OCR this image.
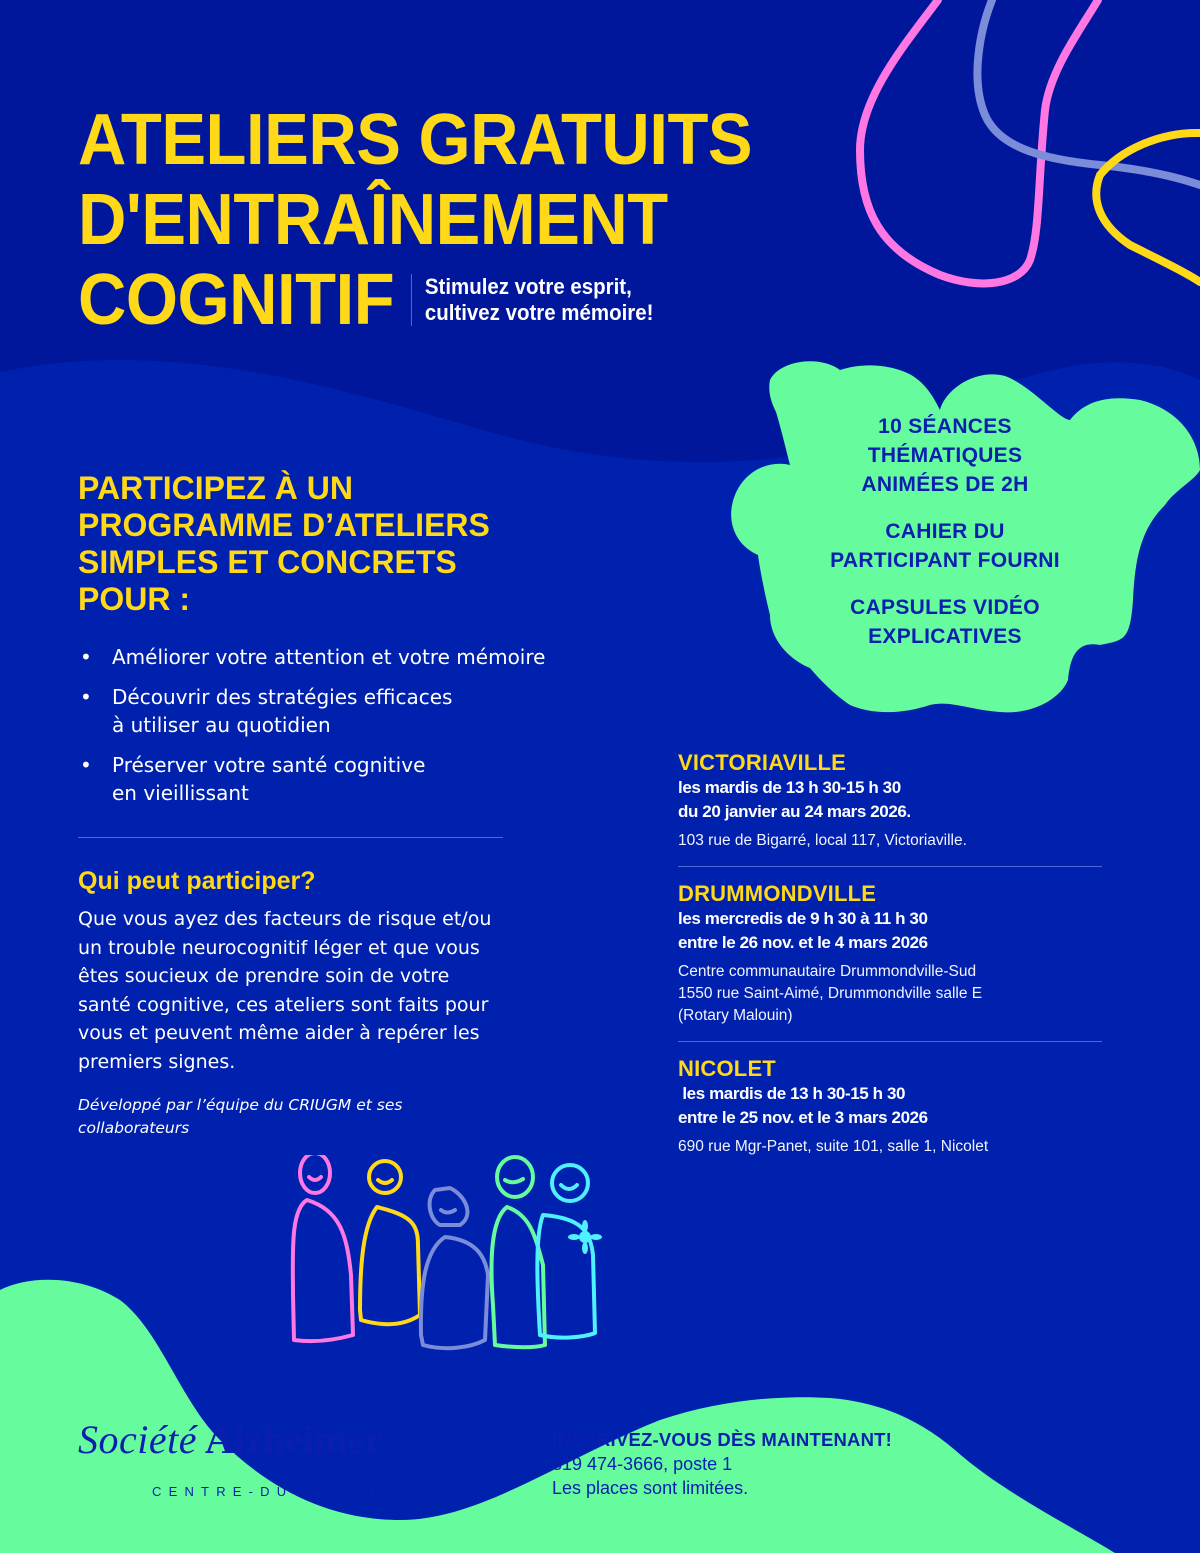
ATELIERS GRATUITS
D'ENTRAÎNEMENT
COGNITIF Stimulez votre esprit,
cultivez votre mémoire!
10 SÉANCES
THÉMATIQUES
ANIMÉES DE 2H
CAHIER DU
PARTICIPANT FOURNI
CAPSULES VIDÉO
EXPLICATIVES
PARTICIPEZ À UN
PROGRAMME D’ATELIERS
SIMPLES ET CONCRETS
POUR :
• Améliorer votre attention et votre mémoire
• Découvrir des stratégies efficaces
à utiliser au quotidien
• Préserver votre santé cognitive
en vieillissant
Qui peut participer?
Que vous ayez des facteurs de risque et/ou
un trouble neurocognitif léger et que vous
êtes soucieux de prendre soin de votre
santé cognitive, ces ateliers sont faits pour
vous et peuvent même aider à repérer les
premiers signes.
Développé par l’équipe du CRIUGM et ses
collaborateurs
VICTORIAVILLE
les mardis de 13 h 30-15 h 30
du 20 janvier au 24 mars 2026.
103 rue de Bigarré, local 117, Victoriaville.
DRUMMONDVILLE
les mercredis de 9 h 30 à 11 h 30
entre le 26 nov. et le 4 mars 2026
Centre communautaire Drummondville-Sud
1550 rue Saint-Aimé, Drummondville salle E
(Rotary Malouin)
NICOLET
les mardis de 13 h 30-15 h 30
entre le 25 nov. et le 3 mars 2026
690 rue Mgr-Panet, suite 101, salle 1, Nicolet
Société Alzheimer
CENTRE-DU-QUÉBEC
INSCRIVEZ-VOUS DÈS MAINTENANT!
819 474-3666, poste 1
Les places sont limitées.
